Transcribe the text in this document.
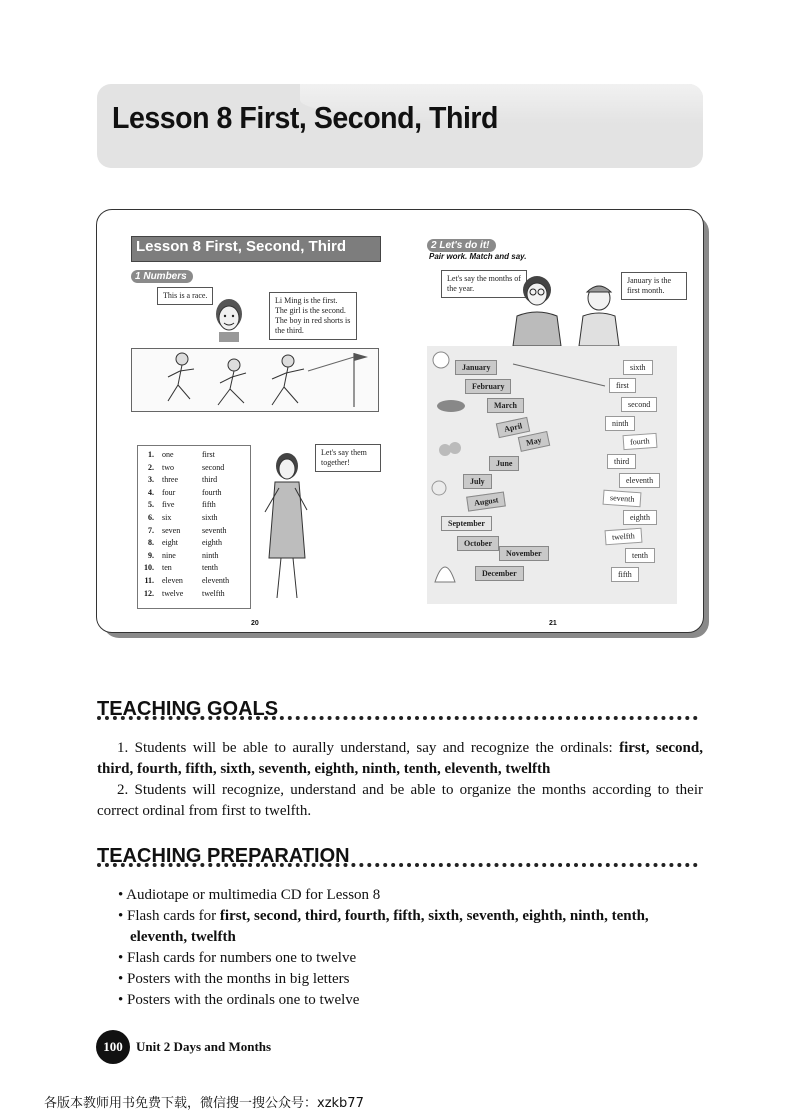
Lesson 8 First, Second, Third
Lesson 8 First, Second, Third
1 Numbers
This is a race.
Li Ming is the first. The girl is the second. The boy in red shorts is the third.
1. one	first
2. two	second
3. three	third
4. four	fourth
5. five	fifth
6. six	sixth
7. seven	seventh
8. eight	eighth
9. nine	ninth
10. ten	tenth
11. eleven eleventh
12. twelve twelfth
Let's say them together!
20
2 Let's do it!
Pair work. Match and say.
Let's say the months of the year.
January is the first month.
January
February
March
April
May
June
July
August
September
October
November
December
sixth
first
second
ninth
fourth
third
eleventh
seventh
eighth
twelfth
tenth
fifth
21
TEACHING GOALS
1. Students will be able to aurally understand, say and recognize the ordinals: first, second, third, fourth, fifth, sixth, seventh, eighth, ninth, tenth, eleventh, twelfth
2. Students will recognize, understand and be able to organize the months according to their correct ordinal from first to twelfth.
TEACHING PREPARATION
• Audiotape or multimedia CD for Lesson 8
• Flash cards for first, second, third, fourth, fifth, sixth, seventh, eighth, ninth, tenth, eleventh, twelfth
• Flash cards for numbers one to twelve
• Posters with the months in big letters
• Posters with the ordinals one to twelve
100	Unit 2 Days and Months
各版本教师用书免费下载，微信搜一搜公众号：xzkb77
